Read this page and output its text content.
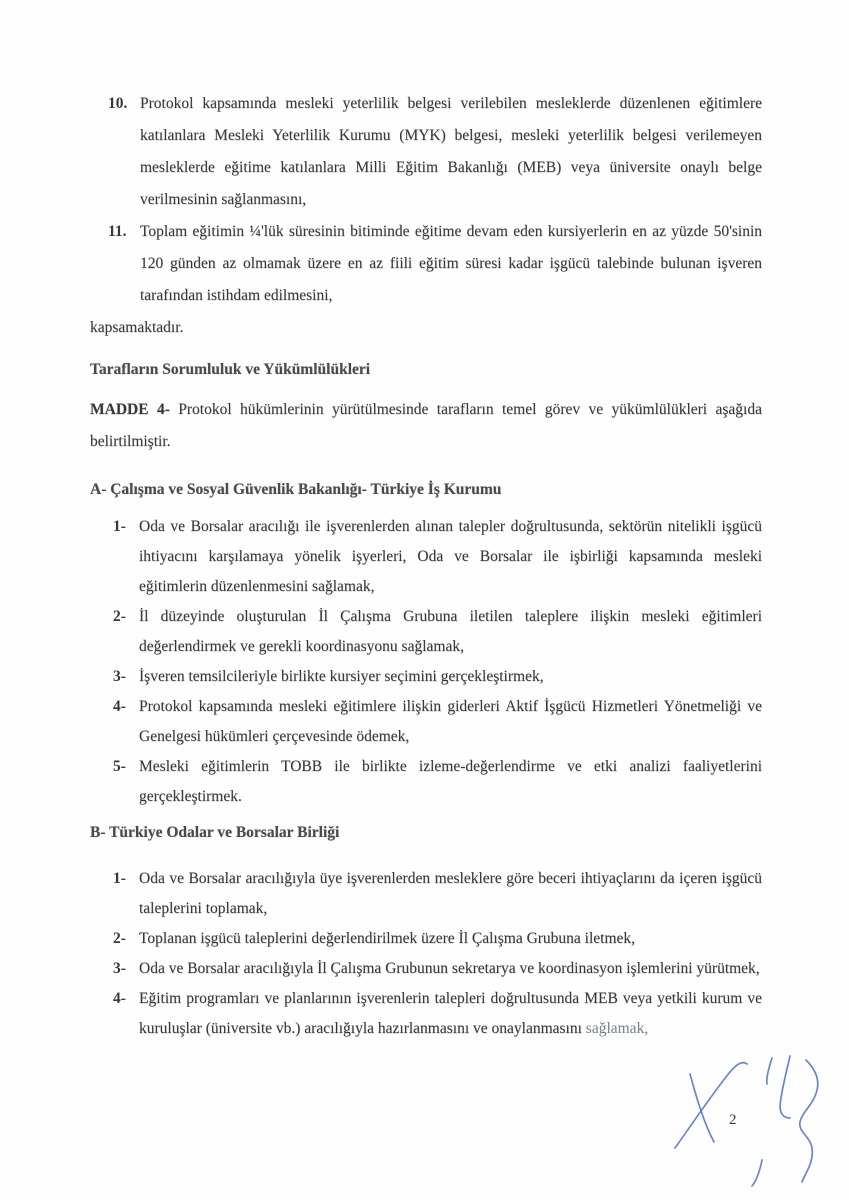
10. Protokol kapsamında mesleki yeterlilik belgesi verilebilen mesleklerde düzenlenen eğitimlere katılanlara Mesleki Yeterlilik Kurumu (MYK) belgesi, mesleki yeterlilik belgesi verilemeyen mesleklerde eğitime katılanlara Milli Eğitim Bakanlığı (MEB) veya üniversite onaylı belge verilmesinin sağlanmasını,
11. Toplam eğitimin ¼'lük süresinin bitiminde eğitime devam eden kursiyerlerin en az yüzde 50'sinin 120 günden az olmamak üzere en az fiili eğitim süresi kadar işgücü talebinde bulunan işveren tarafından istihdam edilmesini,

kapsamaktadır.

Tarafların Sorumluluk ve Yükümlülükleri

MADDE 4- Protokol hükümlerinin yürütülmesinde tarafların temel görev ve yükümlülükleri aşağıda belirtilmiştir.

A- Çalışma ve Sosyal Güvenlik Bakanlığı- Türkiye İş Kurumu
1- Oda ve Borsalar aracılığı ile işverenlerden alınan talepler doğrultusunda, sektörün nitelikli işgücü ihtiyacını karşılamaya yönelik işyerleri, Oda ve Borsalar ile işbirliği kapsamında mesleki eğitimlerin düzenlenmesini sağlamak,
2- İl düzeyinde oluşturulan İl Çalışma Grubuna iletilen taleplere ilişkin mesleki eğitimleri değerlendirmek ve gerekli koordinasyonu sağlamak,
3- İşveren temsilcileriyle birlikte kursiyer seçimini gerçekleştirmek,
4- Protokol kapsamında mesleki eğitimlere ilişkin giderleri Aktif İşgücü Hizmetleri Yönetmeliği ve Genelgesi hükümleri çerçevesinde ödemek,
5- Mesleki eğitimlerin TOBB ile birlikte izleme-değerlendirme ve etki analizi faaliyetlerini gerçekleştirmek.
B- Türkiye Odalar ve Borsalar Birliği
1- Oda ve Borsalar aracılığıyla üye işverenlerden mesleklere göre beceri ihtiyaçlarını da içeren işgücü taleplerini toplamak,
2- Toplanan işgücü taleplerini değerlendirilmek üzere İl Çalışma Grubuna iletmek,
3- Oda ve Borsalar aracılığıyla İl Çalışma Grubunun sekretarya ve koordinasyon işlemlerini yürütmek,
4- Eğitim programları ve planlarının işverenlerin talepleri doğrultusunda MEB veya yetkili kurum ve kuruluşlar (üniversite vb.) aracılığıyla hazırlanmasını ve onaylanmasını sağlamak,
2
